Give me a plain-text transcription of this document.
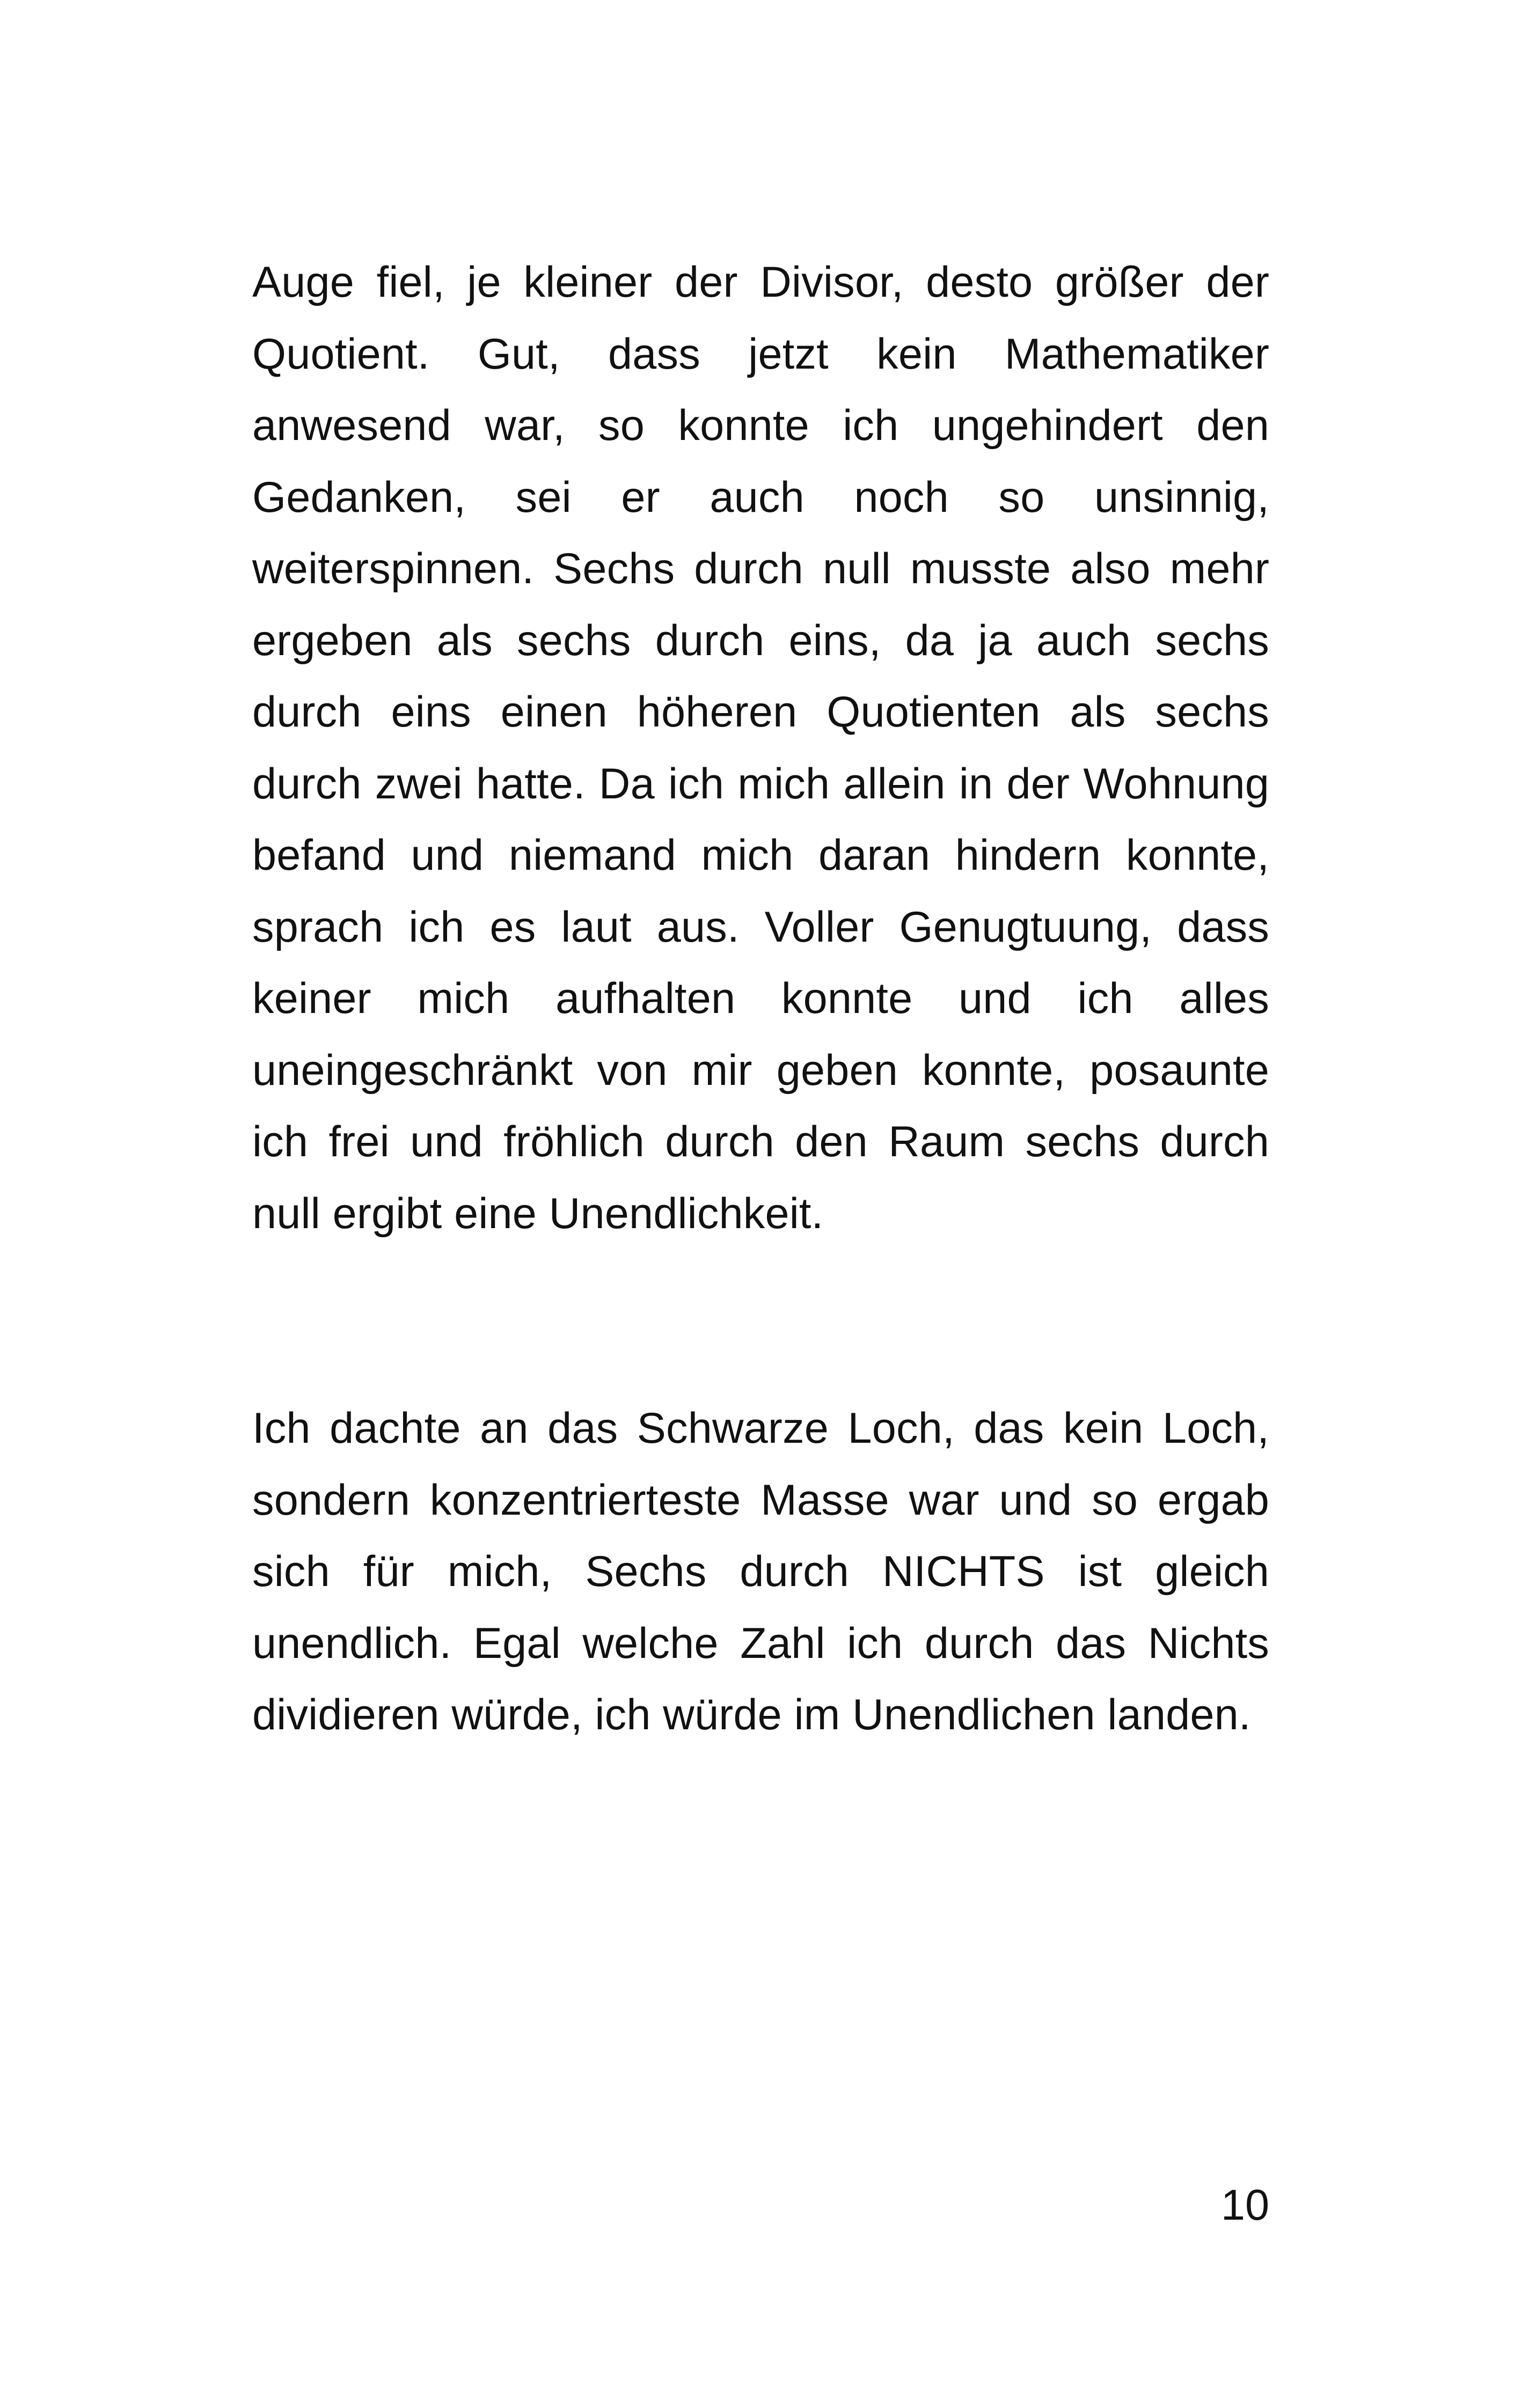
Auge fiel, je kleiner der Divisor, desto größer der Quotient. Gut, dass jetzt kein Mathematiker anwesend war, so konnte ich ungehindert den Gedanken, sei er auch noch so unsinnig, weiterspinnen. Sechs durch null musste also mehr ergeben als sechs durch eins, da ja auch sechs durch eins einen höheren Quotienten als sechs durch zwei hatte. Da ich mich allein in der Wohnung befand und niemand mich daran hindern konnte, sprach ich es laut aus. Voller Genugtuung, dass keiner mich aufhalten konnte und ich alles uneingeschränkt von mir geben konnte, posaunte ich frei und fröhlich durch den Raum sechs durch null ergibt eine Unendlichkeit.

Ich dachte an das Schwarze Loch, das kein Loch, sondern konzentrierteste Masse war und so ergab sich für mich, Sechs durch NICHTS ist gleich unendlich. Egal welche Zahl ich durch das Nichts dividieren würde, ich würde im Unendlichen landen.

10
